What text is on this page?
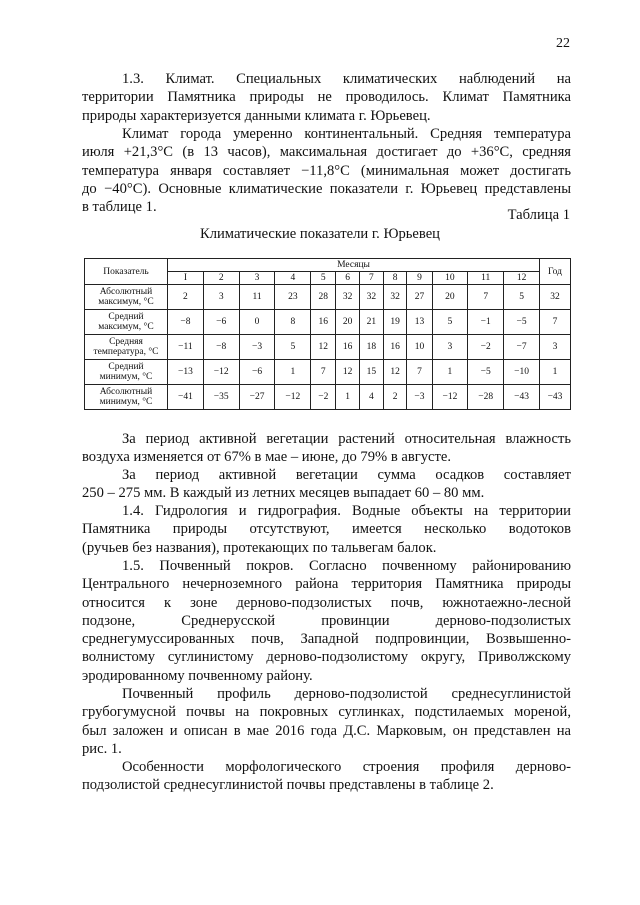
22

1.3. Климат. Специальных климатических наблюдений на
территории Памятника природы не проводилось. Климат Памятника
природы характеризуется данными климата г. Юрьевец.

Климат города умеренно континентальный. Средняя температура
июля +21,3°С (в 13 часов), максимальная достигает до +36°С, средняя
температура января составляет −11,8°С (минимальная может достигать
до −40°С). Основные климатические показатели г. Юрьевец представлены
в таблице 1.	Таблица 1
Климатические показатели г. Юрьевец
Показатель	Месяцы												Год
	I	2	3	4	5	6	7	8	9	10	11	12	

Абсолютный
максимум, °С	2	3	11	23	28	32	32	32	27	20	7	5	32

Средний
максимум, °С	−8	−6	0	8	16	20	21	19	13	5	−1	−5	7

Средняя
температура, °С	−11	−8	−3	5	12	16	18	16	10	3	−2	−7	3

Средний
минимум, °С	−13	−12	−6	1	7	12	15	12	7	1	−5	−10	1

Абсолютный
минимум, °С	−41	−35	−27	−12	−2	1	4	2	−3	−12	−28	−43	−43

За период активной вегетации растений относительная влажность
воздуха изменяется от 67% в мае – июне, до 79% в августе.

За период активной вегетации сумма осадков составляет
250 – 275 мм. В каждый из летних месяцев выпадает 60 – 80 мм.

1.4. Гидрология и гидрография. Водные объекты на территории
Памятника природы отсутствуют, имеется несколько водотоков
(ручьев без названия), протекающих по тальвегам балок.

1.5. Почвенный покров. Согласно почвенному районированию
Центрального нечерноземного района территория Памятника природы
относится к зоне дерново-подзолистых почв, южнотаежно-лесной
подзоне, Среднерусской провинции дерново-подзолистых
среднегумуссированных почв, Западной подпровинции, Возвышенно-
волнистому суглинистому дерново-подзолистому округу, Приволжскому
эродированному почвенному району.

Почвенный профиль дерново-подзолистой среднесуглинистой
грубогумусной почвы на покровных суглинках, подстилаемых мореной,
был заложен и описан в мае 2016 года Д.С. Марковым, он представлен на
рис. 1.

Особенности морфологического строения профиля дерново-
подзолистой среднесуглинистой почвы представлены в таблице 2.
